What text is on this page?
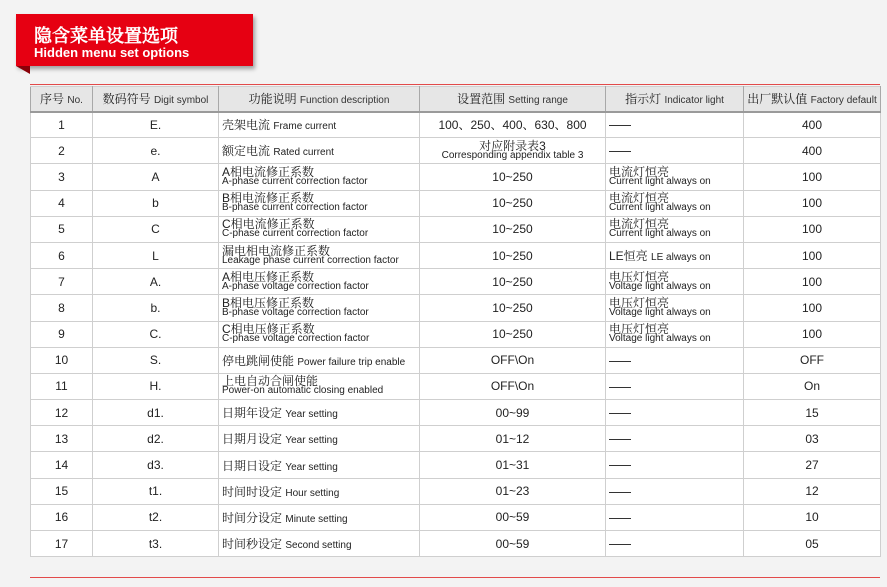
隐含菜单设置选项
Hidden menu set options
序号 No.	数码符号 Digit symbol	功能说明 Function description	设置范围 Setting range	指示灯 Indicator light	出厂默认值 Factory default
1	E.	壳架电流 Frame current	100、250、400、630、800		400
2	e.	额定电流 Rated current	对应附录表3
Corresponding appendix table 3		400
3	A	A相电流修正系数
A-phase current correction factor	10~250	电流灯恒亮
Current light always on	100
4	b	B相电流修正系数
B-phase current correction factor	10~250	电流灯恒亮
Current light always on	100
5	C	C相电流修正系数
C-phase current correction factor	10~250	电流灯恒亮
Current light always on	100
6	L	漏电相电流修正系数
Leakage phase current correction factor	10~250	LE恒亮 LE always on	100
7	A.	A相电压修正系数
A-phase voltage correction factor	10~250	电压灯恒亮
Voltage light always on	100
8	b.	B相电压修正系数
B-phase voltage correction factor	10~250	电压灯恒亮
Voltage light always on	100
9	C.	C相电压修正系数
C-phase voltage correction factor	10~250	电压灯恒亮
Voltage light always on	100
10	S.	停电跳闸使能 Power failure trip enable	OFF\On		OFF
11	H.	上电自动合闸使能
Power-on automatic closing enabled	OFF\On		On
12	d1.	日期年设定 Year setting	00~99		15
13	d2.	日期月设定 Year setting	01~12		03
14	d3.	日期日设定 Year setting	01~31		27
15	t1.	时间时设定 Hour setting	01~23		12
16	t2.	时间分设定 Minute setting	00~59		10
17	t3.	时间秒设定 Second setting	00~59		05
